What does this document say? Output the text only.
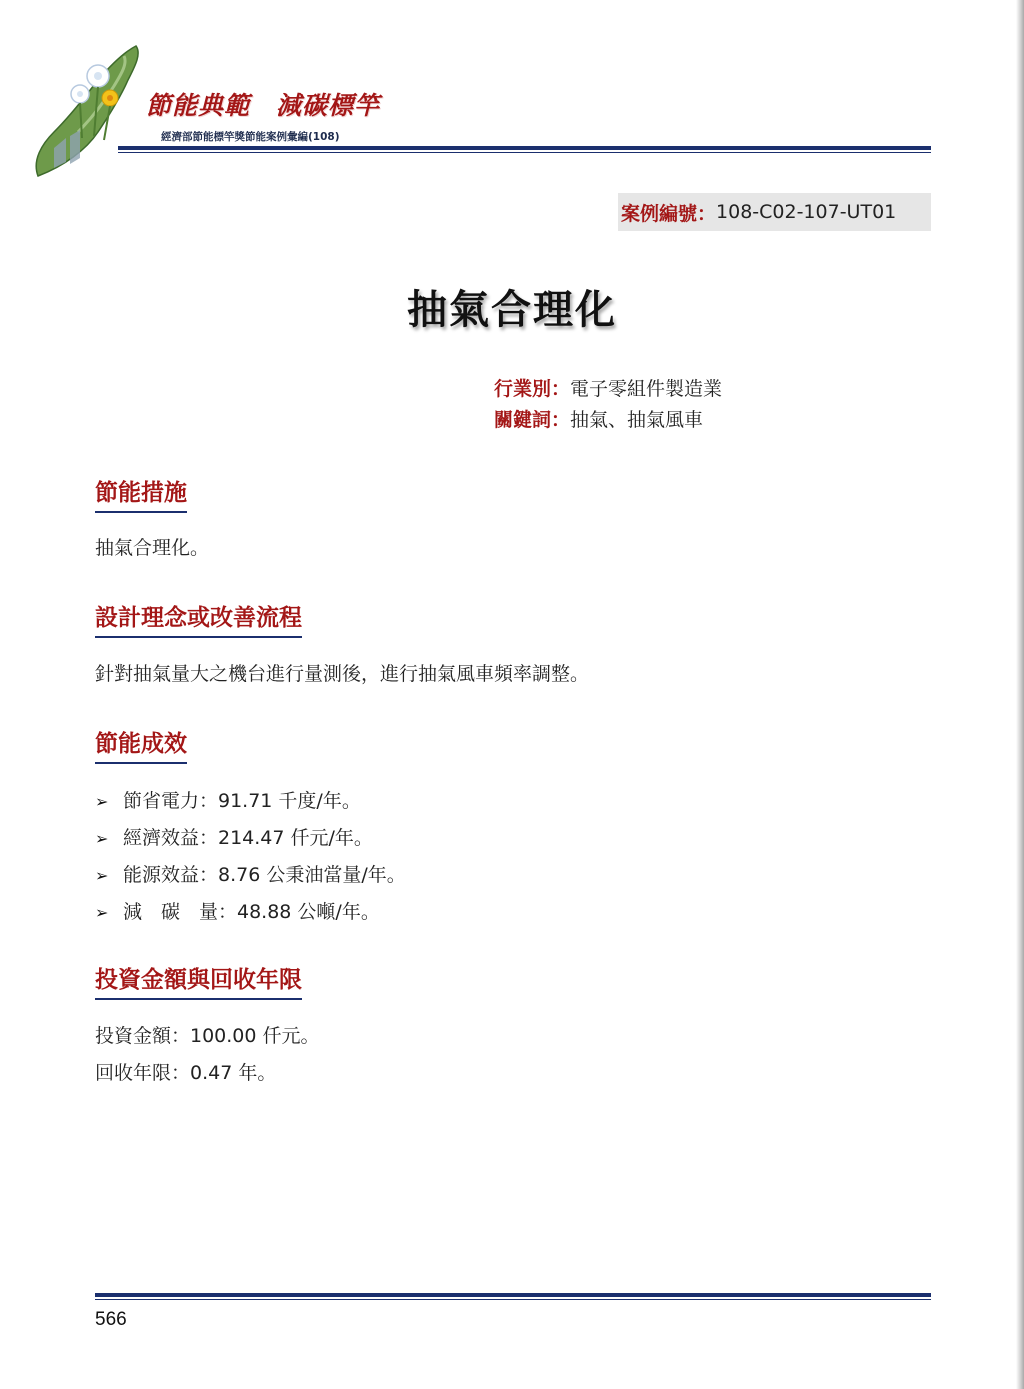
節能典範　減碳標竿
經濟部節能標竿獎節能案例彙編(108)
案例編號： 108-C02-107-UT01
抽氣合理化
行業別：電子零組件製造業
關鍵詞：抽氣、抽氣風車
節能措施
抽氣合理化。
設計理念或改善流程
針對抽氣量大之機台進行量測後，進行抽氣風車頻率調整。
節能成效
➢ 節省電力：91.71 千度/年。
➢ 經濟效益：214.47 仟元/年。
➢ 能源效益：8.76 公秉油當量/年。
➢ 減　碳　量：48.88 公噸/年。
投資金額與回收年限
投資金額：100.00 仟元。
回收年限：0.47 年。
566
